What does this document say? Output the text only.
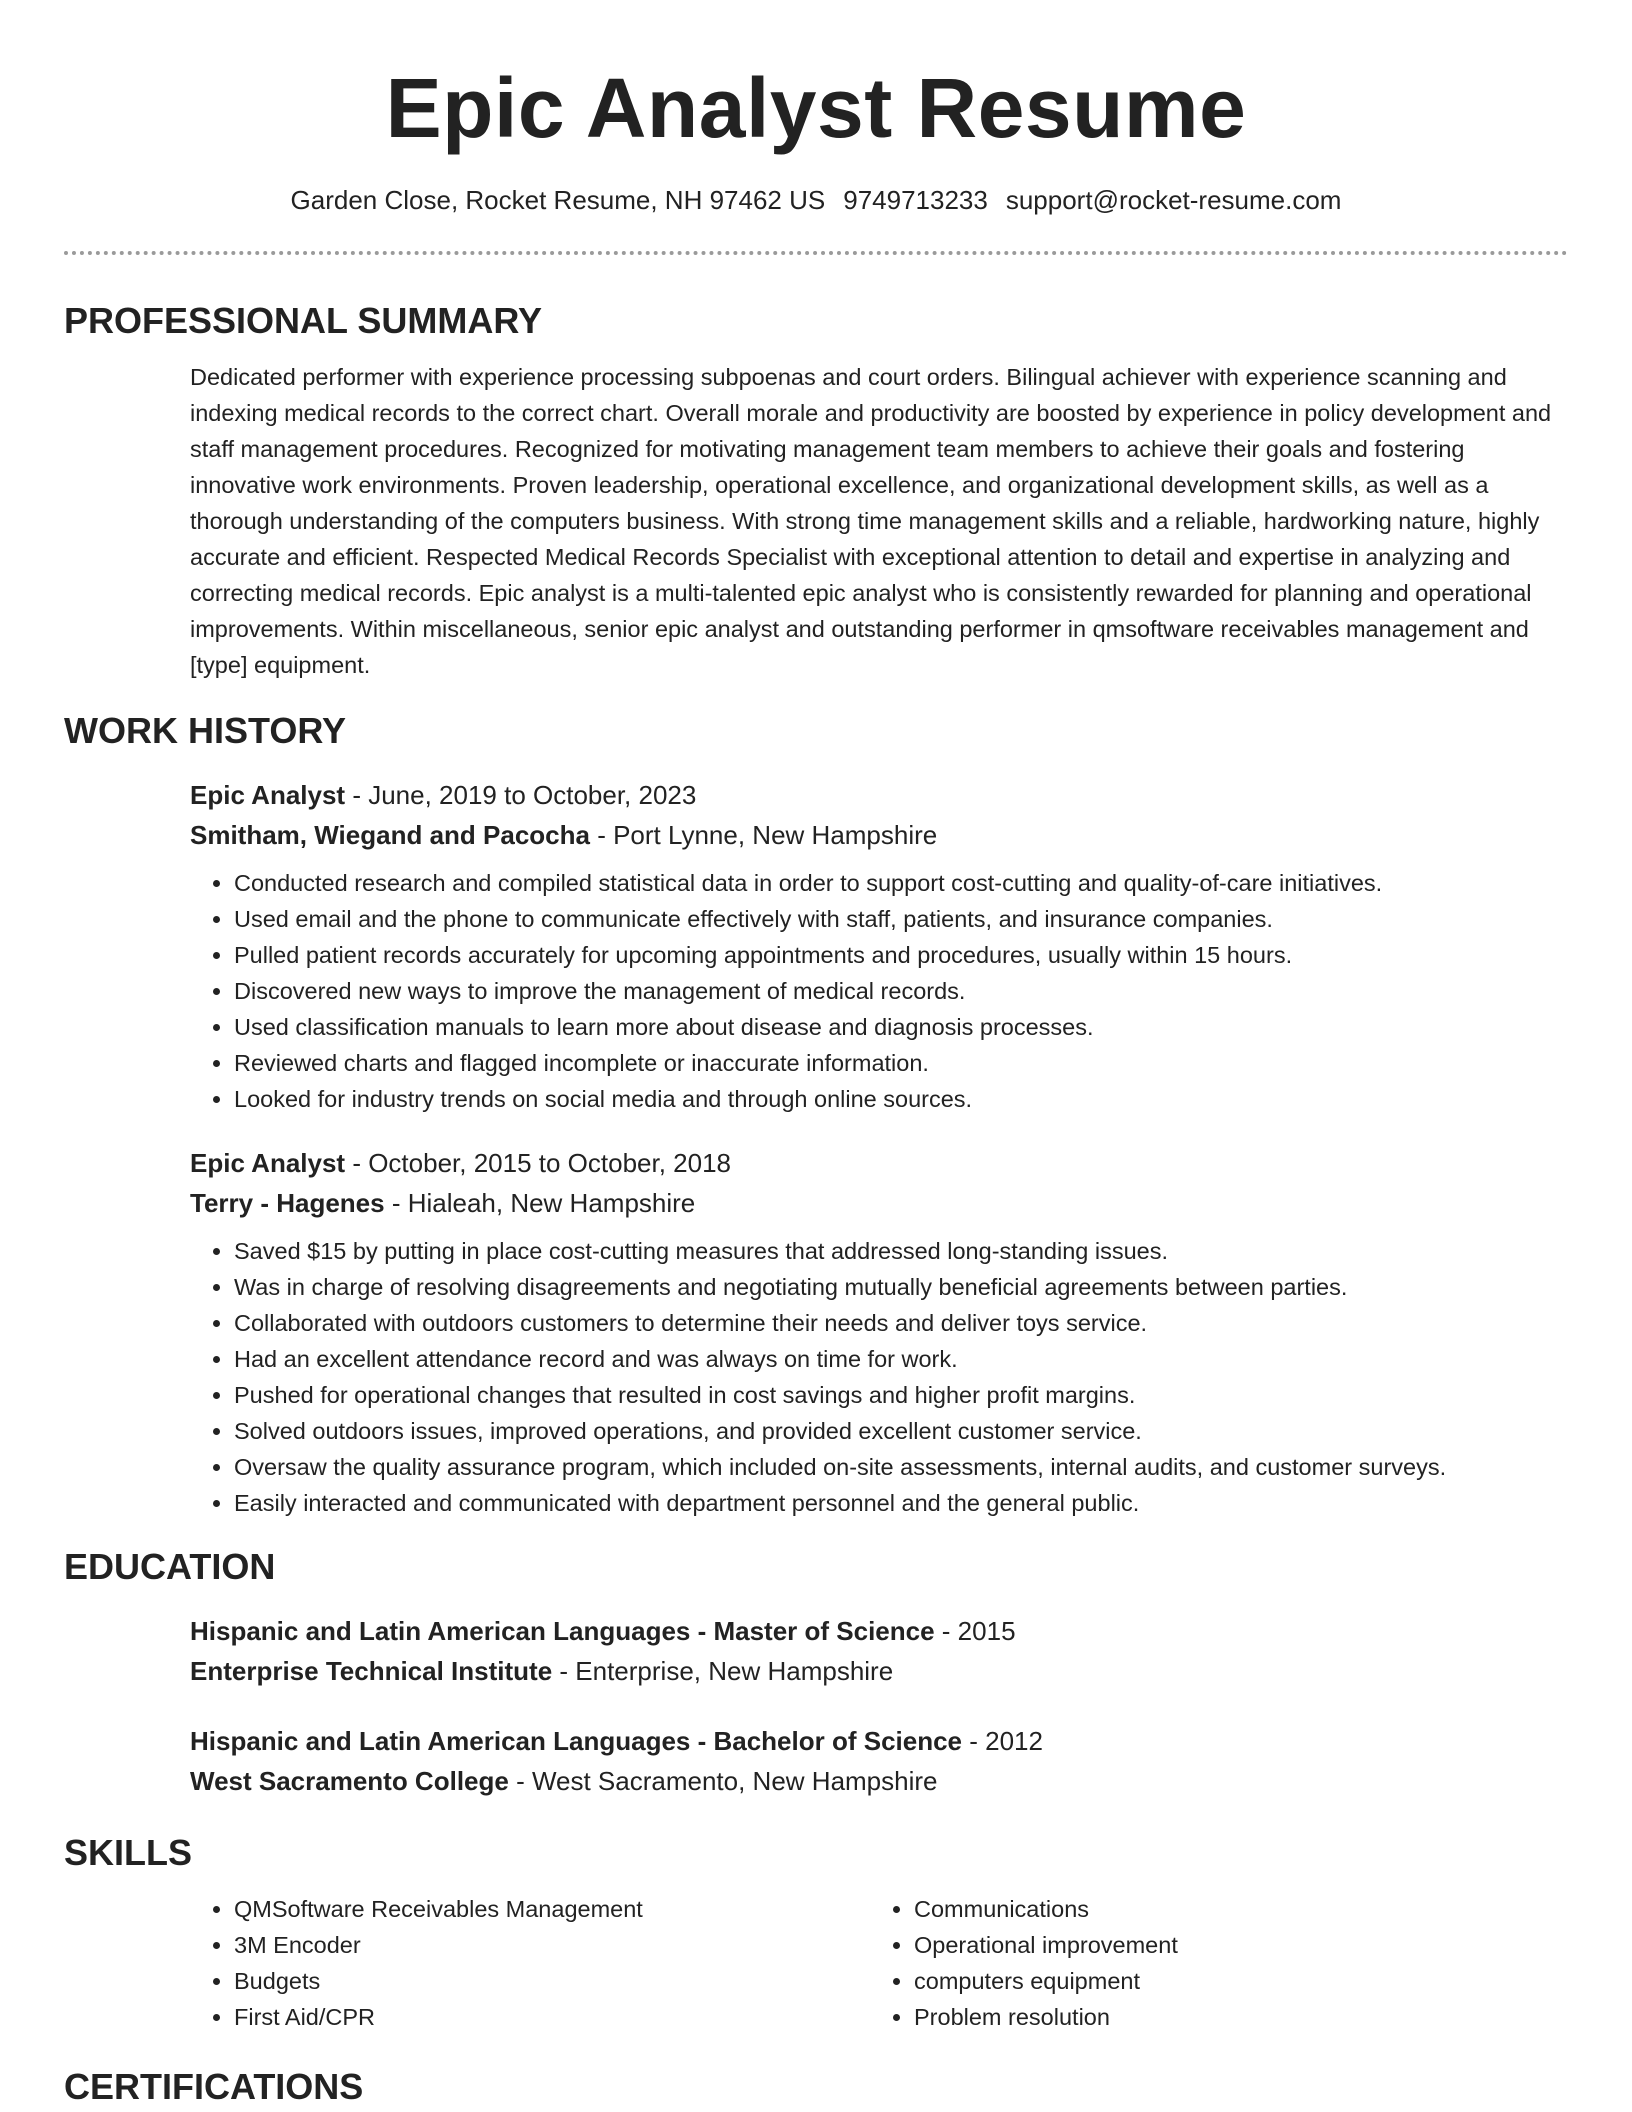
Epic Analyst Resume
Garden Close, Rocket Resume, NH 97462 US 9749713233 support@rocket-resume.com
PROFESSIONAL SUMMARY
Dedicated performer with experience processing subpoenas and court orders. Bilingual achiever with experience scanning and indexing medical records to the correct chart. Overall morale and productivity are boosted by experience in policy development and staff management procedures. Recognized for motivating management team members to achieve their goals and fostering innovative work environments. Proven leadership, operational excellence, and organizational development skills, as well as a thorough understanding of the computers business. With strong time management skills and a reliable, hardworking nature, highly accurate and efficient. Respected Medical Records Specialist with exceptional attention to detail and expertise in analyzing and correcting medical records. Epic analyst is a multi-talented epic analyst who is consistently rewarded for planning and operational improvements. Within miscellaneous, senior epic analyst and outstanding performer in qmsoftware receivables management and [type] equipment.
WORK HISTORY
Epic Analyst - June, 2019 to October, 2023
Smitham, Wiegand and Pacocha - Port Lynne, New Hampshire
• Conducted research and compiled statistical data in order to support cost-cutting and quality-of-care initiatives.
• Used email and the phone to communicate effectively with staff, patients, and insurance companies.
• Pulled patient records accurately for upcoming appointments and procedures, usually within 15 hours.
• Discovered new ways to improve the management of medical records.
• Used classification manuals to learn more about disease and diagnosis processes.
• Reviewed charts and flagged incomplete or inaccurate information.
• Looked for industry trends on social media and through online sources.
Epic Analyst - October, 2015 to October, 2018
Terry - Hagenes - Hialeah, New Hampshire
• Saved $15 by putting in place cost-cutting measures that addressed long-standing issues.
• Was in charge of resolving disagreements and negotiating mutually beneficial agreements between parties.
• Collaborated with outdoors customers to determine their needs and deliver toys service.
• Had an excellent attendance record and was always on time for work.
• Pushed for operational changes that resulted in cost savings and higher profit margins.
• Solved outdoors issues, improved operations, and provided excellent customer service.
• Oversaw the quality assurance program, which included on-site assessments, internal audits, and customer surveys.
• Easily interacted and communicated with department personnel and the general public.
EDUCATION
Hispanic and Latin American Languages - Master of Science - 2015
Enterprise Technical Institute - Enterprise, New Hampshire
Hispanic and Latin American Languages - Bachelor of Science - 2012
West Sacramento College - West Sacramento, New Hampshire
SKILLS
• QMSoftware Receivables Management
• 3M Encoder
• Budgets
• First Aid/CPR
• Communications
• Operational improvement
• computers equipment
• Problem resolution
CERTIFICATIONS
